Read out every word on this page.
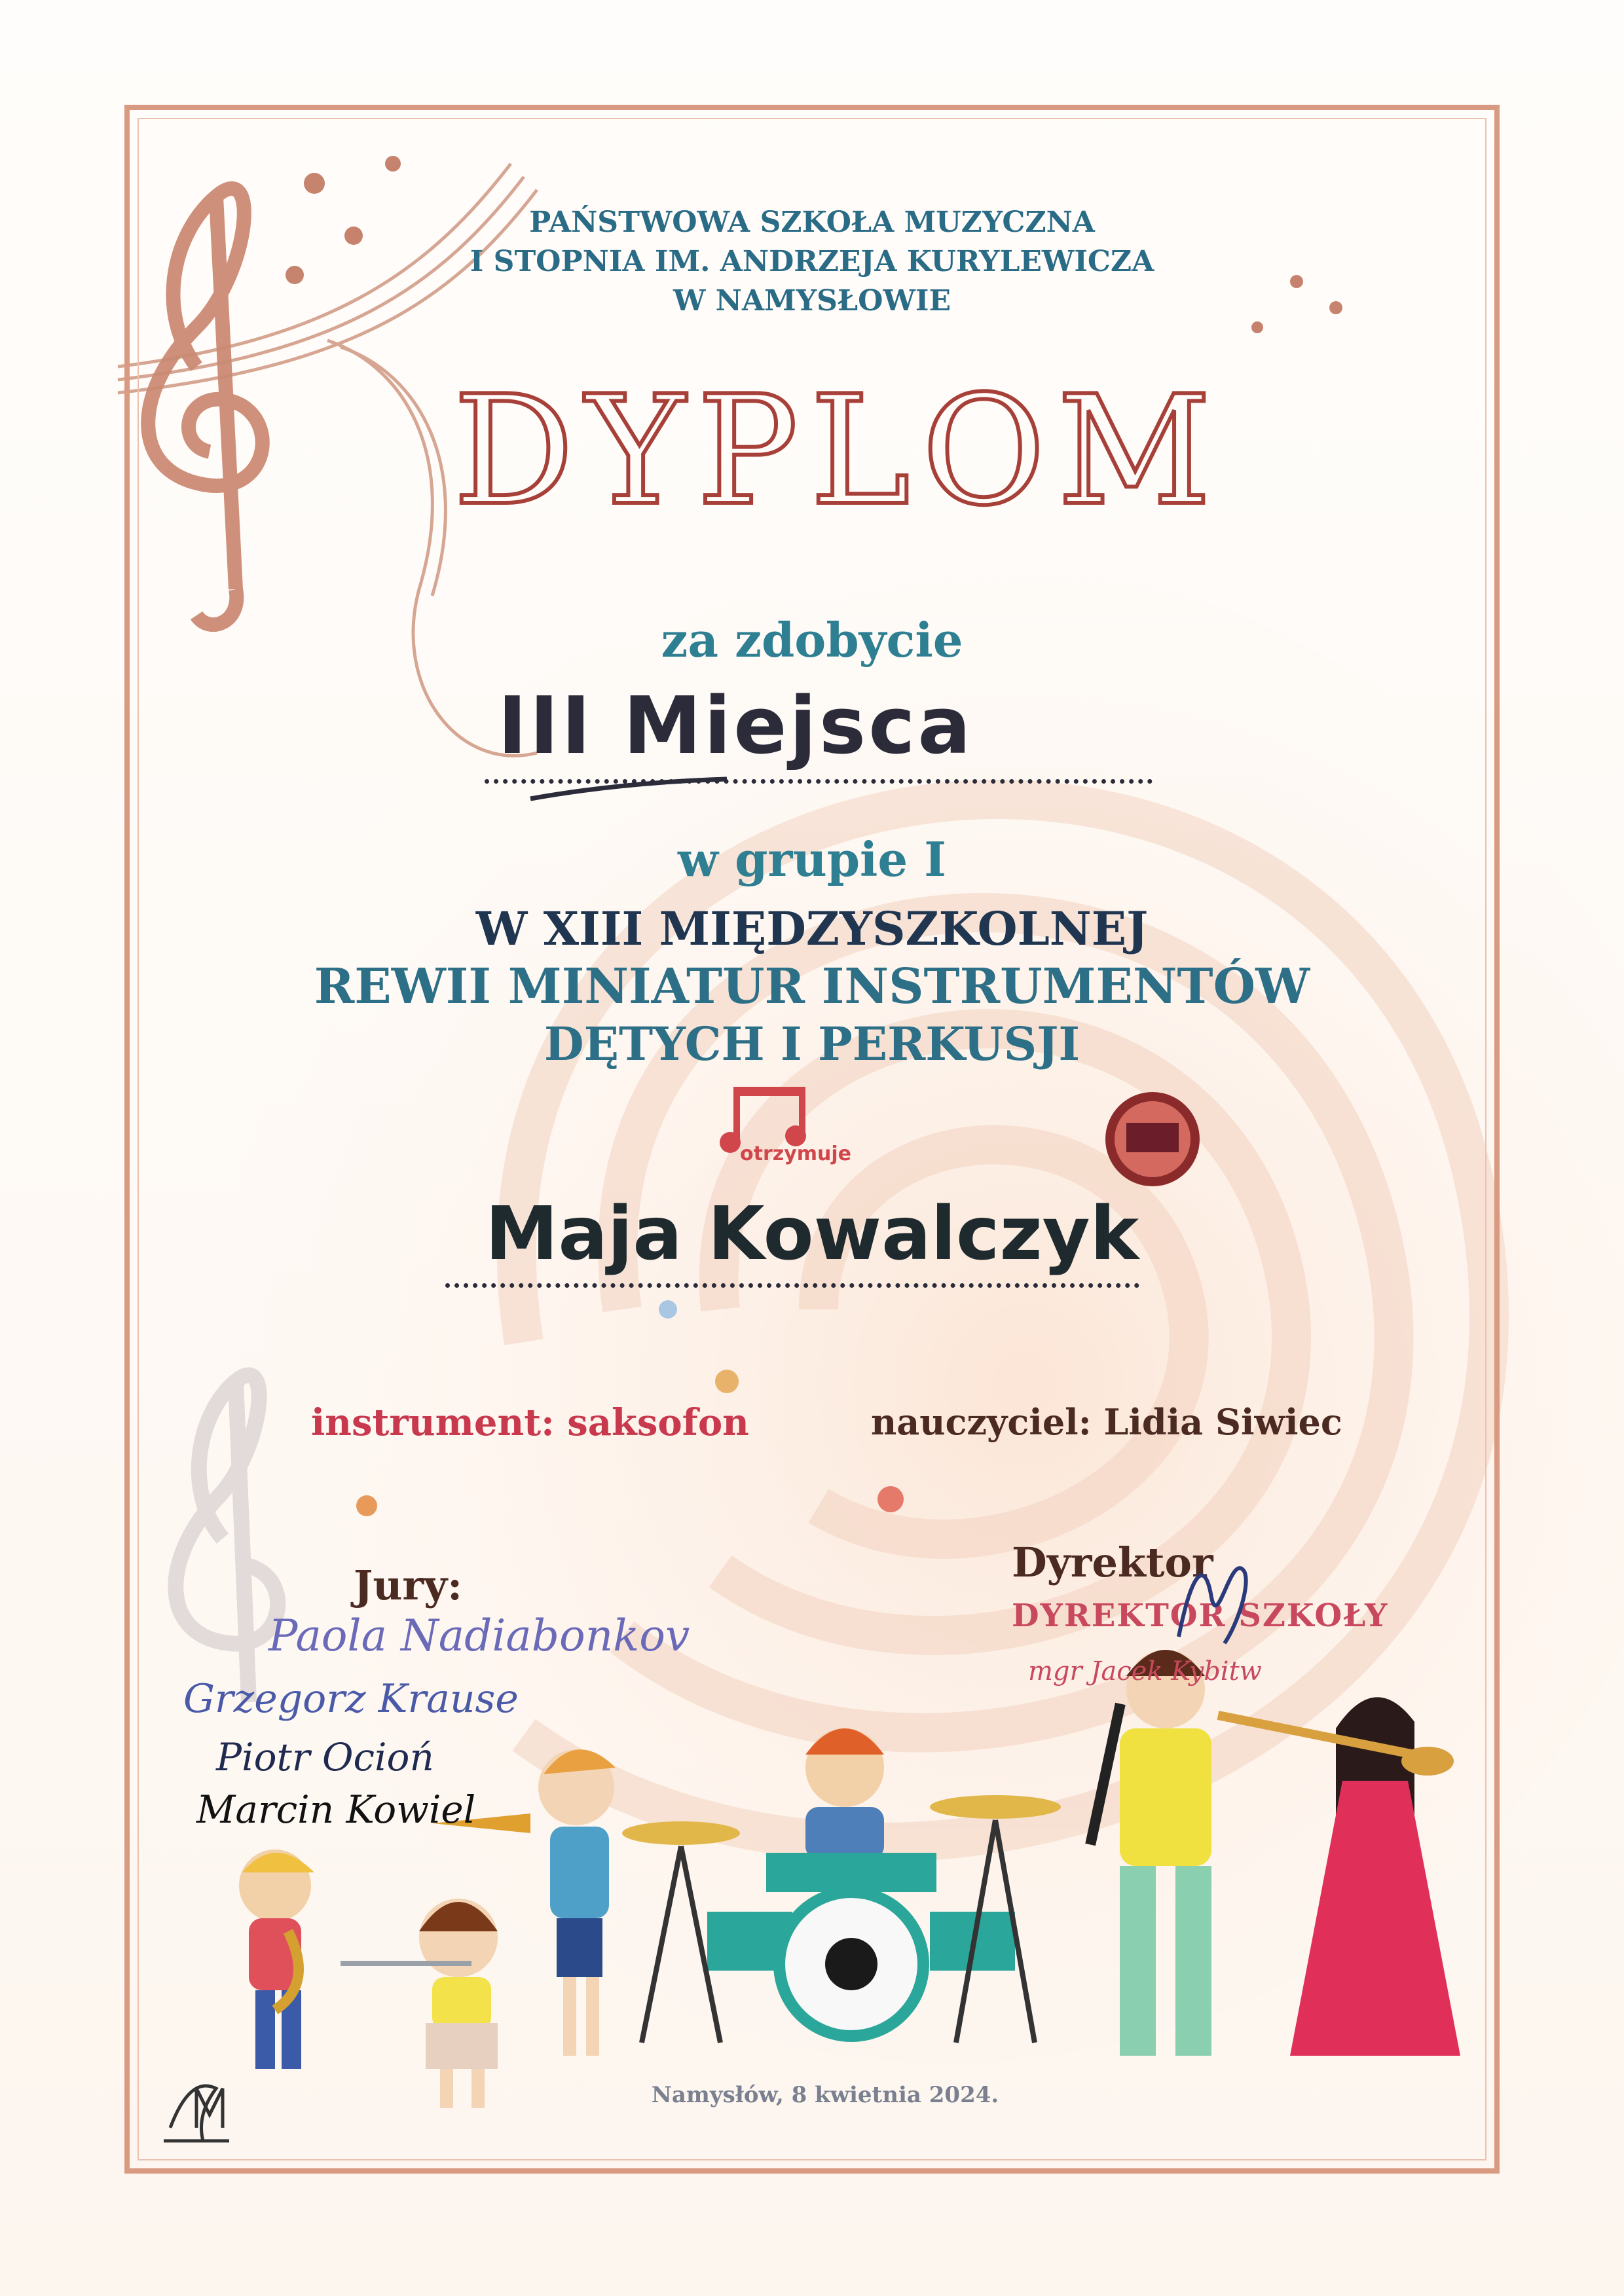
PAŃSTWOWA SZKOŁA MUZYCZNA
I STOPNIA IM. ANDRZEJA KURYLEWICZA
W NAMYSŁOWIE
DYPLOM
za zdobycie
III Miejsca
w grupie I
W XIII MIĘDZYSZKOLNEJ
REWII MINIATUR INSTRUMENTÓW
DĘTYCH I PERKUSJI
otrzymuje
Maja Kowalczyk
instrument: saksofon	nauczyciel: Lidia Siwiec
Jury:
Paola Nadiabonkov
Grzegorz Krause
Piotr Ocioń
Marcin Kowiel
Dyrektor
DYREKTOR SZKOŁY
mgr Jacek Kybitw
Namysłów, 8 kwietnia 2024.
